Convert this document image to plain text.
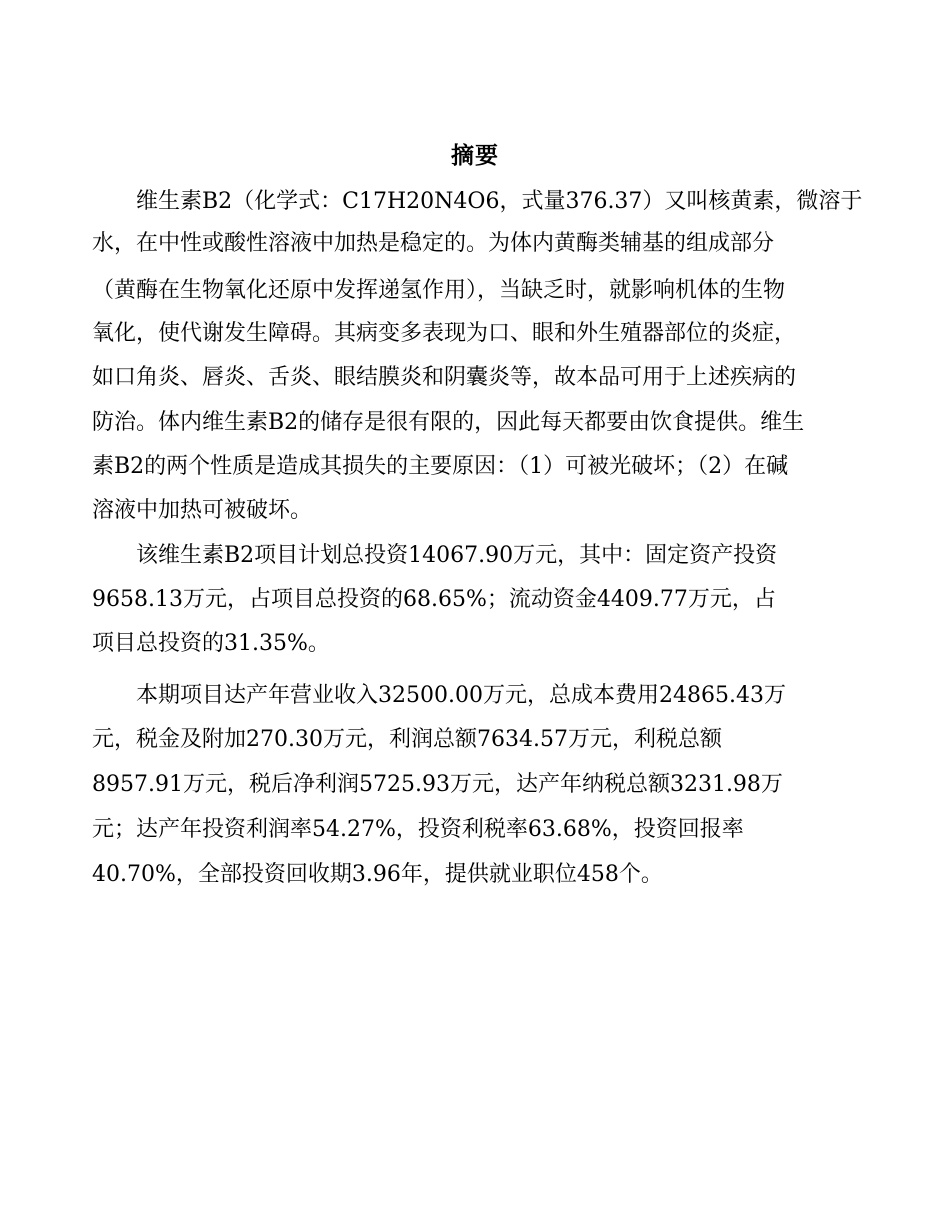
摘要
　　维生素B2（化学式：C17H20N4O6，式量376.37）又叫核黄素，微溶于
水，在中性或酸性溶液中加热是稳定的。为体内黄酶类辅基的组成部分
（黄酶在生物氧化还原中发挥递氢作用），当缺乏时，就影响机体的生物
氧化，使代谢发生障碍。其病变多表现为口、眼和外生殖器部位的炎症，
如口角炎、唇炎、舌炎、眼结膜炎和阴囊炎等，故本品可用于上述疾病的
防治。体内维生素B2的储存是很有限的，因此每天都要由饮食提供。维生
素B2的两个性质是造成其损失的主要原因：（1）可被光破坏；（2）在碱
溶液中加热可被破坏。
　　该维生素B2项目计划总投资14067.90万元，其中：固定资产投资
9658.13万元，占项目总投资的68.65%；流动资金4409.77万元，占
项目总投资的31.35%。
　　本期项目达产年营业收入32500.00万元，总成本费用24865.43万
元，税金及附加270.30万元，利润总额7634.57万元，利税总额
8957.91万元，税后净利润5725.93万元，达产年纳税总额3231.98万
元；达产年投资利润率54.27%，投资利税率63.68%，投资回报率
40.70%，全部投资回收期3.96年，提供就业职位458个。
